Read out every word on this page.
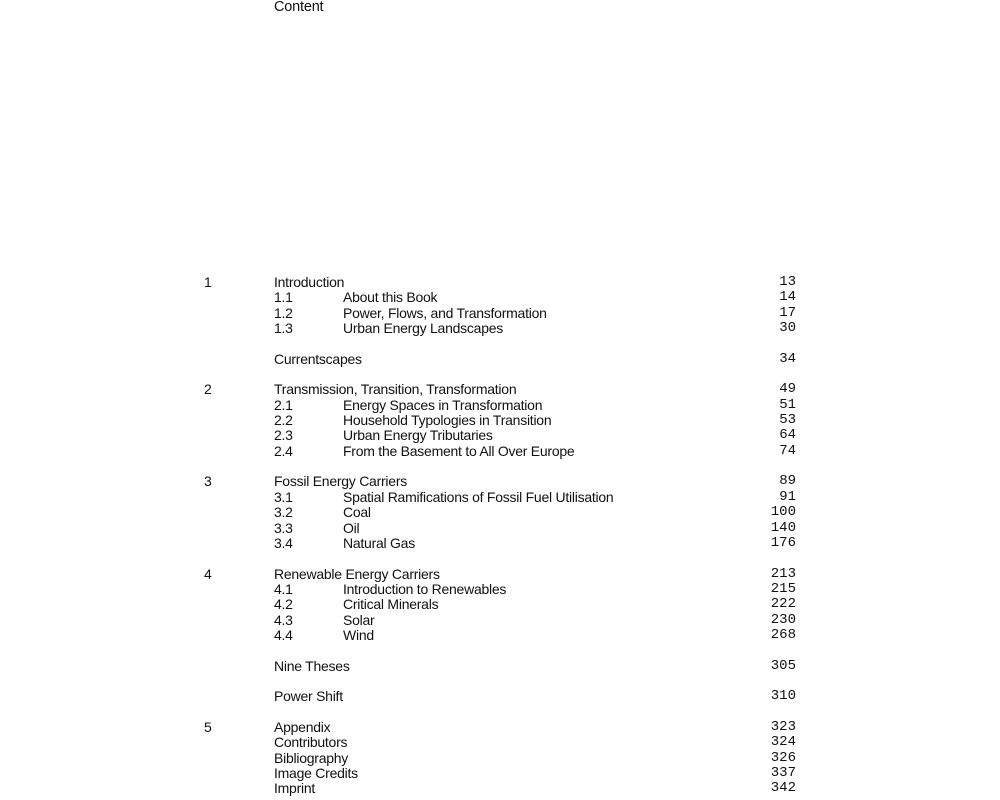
Content
1	Introduction	13
1.1	About this Book	14
1.2	Power, Flows, and Transformation	17
1.3	Urban Energy Landscapes	30
Currentscapes	34
2	Transmission, Transition, Transformation	49
2.1	Energy Spaces in Transformation	51
2.2	Household Typologies in Transition	53
2.3	Urban Energy Tributaries	64
2.4	From the Basement to All Over Europe	74
3	Fossil Energy Carriers	89
3.1	Spatial Ramifications of Fossil Fuel Utilisation	91
3.2	Coal	100
3.3	Oil	140
3.4	Natural Gas	176
4	Renewable Energy Carriers	213
4.1	Introduction to Renewables	215
4.2	Critical Minerals	222
4.3	Solar	230
4.4	Wind	268
Nine Theses	305
Power Shift	310
5	Appendix	323
Contributors	324
Bibliography	326
Image Credits	337
Imprint	342
